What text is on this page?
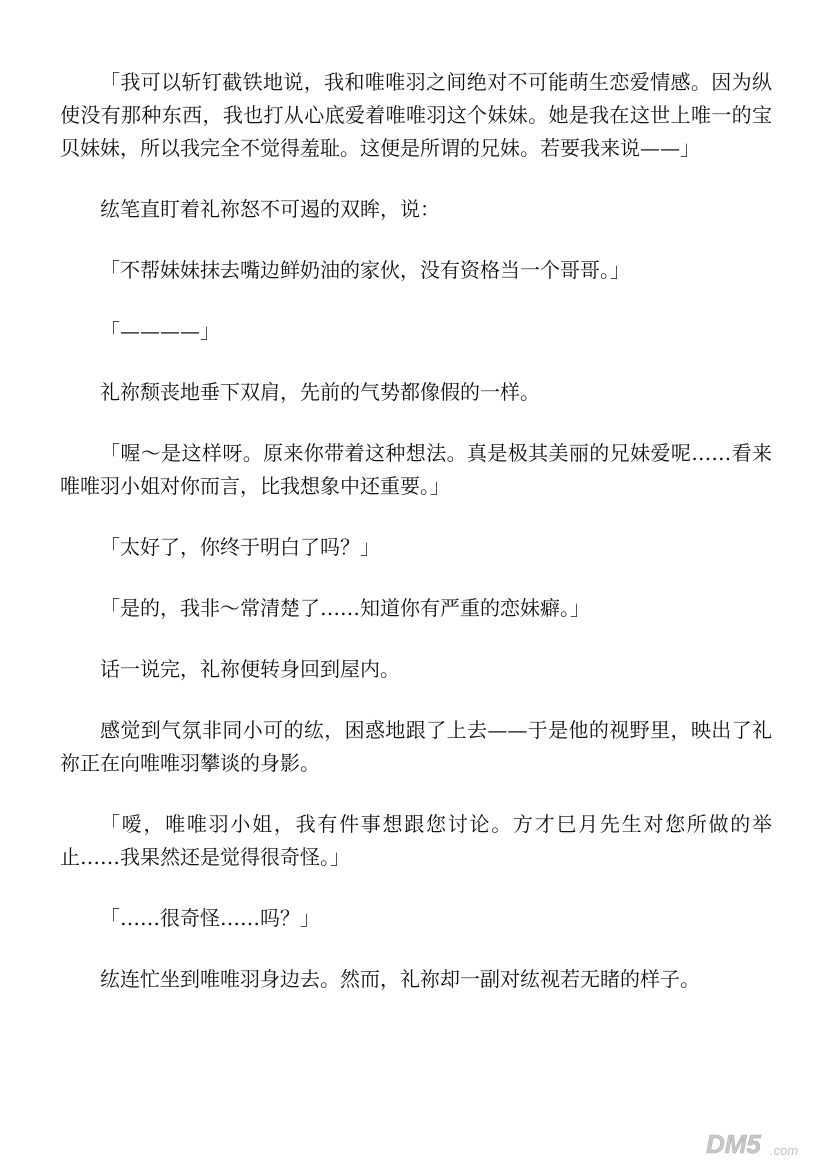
「我可以斩钉截铁地说，我和唯唯羽之间绝对不可能萌生恋爱情感。因为纵使没有那种东西，我也打从心底爱着唯唯羽这个妹妹。她是我在这世上唯一的宝贝妹妹，所以我完全不觉得羞耻。这便是所谓的兄妹。若要我来说——」

纮笔直盯着礼祢怒不可遏的双眸，说：

「不帮妹妹抹去嘴边鲜奶油的家伙，没有资格当一个哥哥。」

「————」

礼祢颓丧地垂下双肩，先前的气势都像假的一样。

「喔～是这样呀。原来你带着这种想法。真是极其美丽的兄妹爱呢……看来唯唯羽小姐对你而言，比我想象中还重要。」

「太好了，你终于明白了吗？」

「是的，我非～常清楚了……知道你有严重的恋妹癖。」

话一说完，礼祢便转身回到屋内。

感觉到气氛非同小可的纮，困惑地跟了上去——于是他的视野里，映出了礼祢正在向唯唯羽攀谈的身影。

「嗳，唯唯羽小姐，我有件事想跟您讨论。方才巳月先生对您所做的举止……我果然还是觉得很奇怪。」

「……很奇怪……吗？」

纮连忙坐到唯唯羽身边去。然而，礼祢却一副对纮视若无睹的样子。

DM5 .com
